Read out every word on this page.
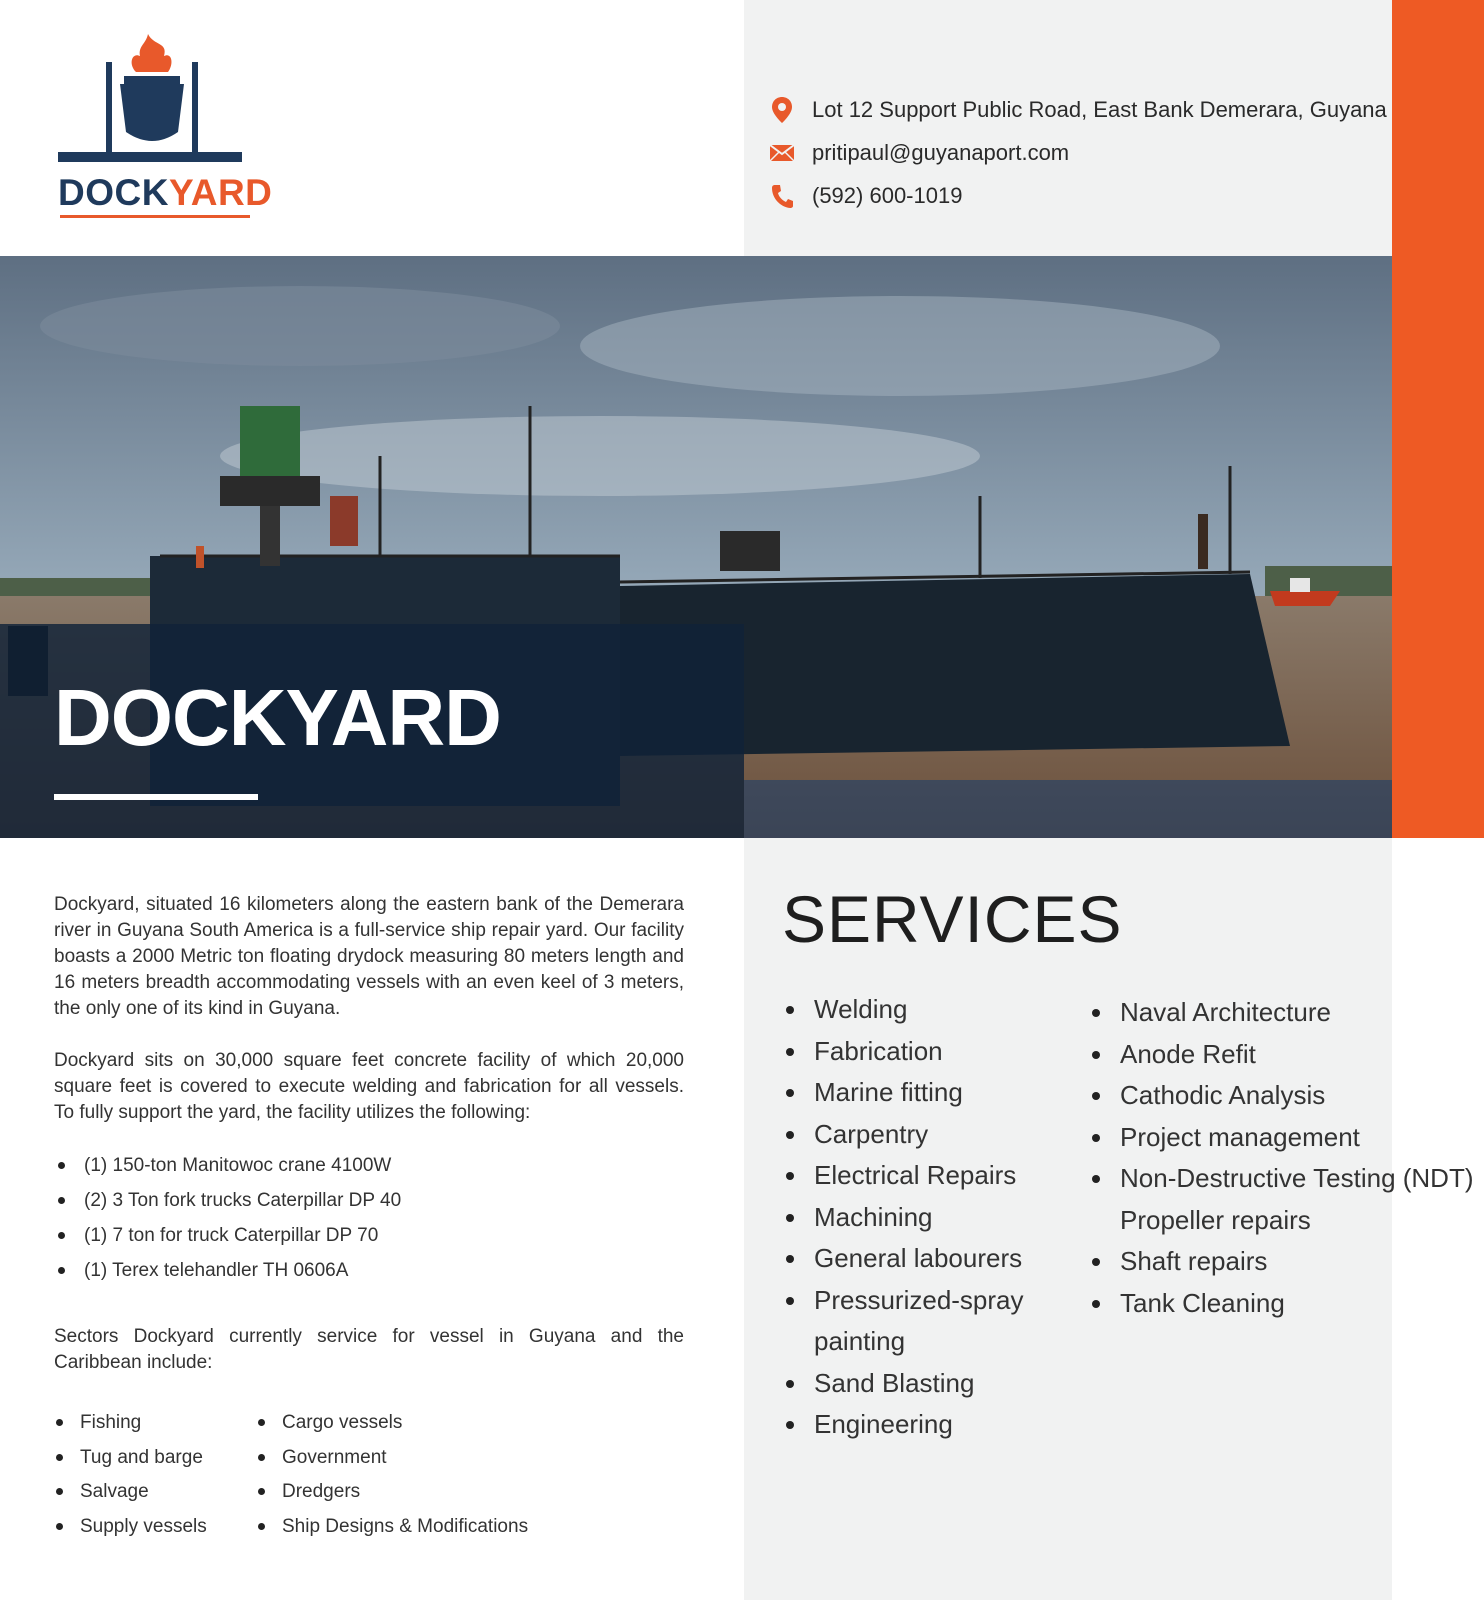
DOCKYARD
Lot 12 Support Public Road, East Bank Demerara, Guyana
pritipaul@guyanaport.com
(592) 600-1019
DOCKYARD

Dockyard, situated 16 kilometers along the eastern bank of the Demerara river in Guyana South America is a full-service ship repair yard. Our facility boasts a 2000 Metric ton floating drydock measuring 80 meters length and 16 meters breadth accommodating vessels with an even keel of 3 meters, the only one of its kind in Guyana.

Dockyard sits on 30,000 square feet concrete facility of which 20,000 square feet is covered to execute welding and fabrication for all vessels. To fully support the yard, the facility utilizes the following:

(1) 150-ton Manitowoc crane 4100W
(2) 3 Ton fork trucks Caterpillar DP 40
(1) 7 ton for truck Caterpillar DP 70
(1) Terex telehandler TH 0606A

Sectors Dockyard currently service for vessel in Guyana and the Caribbean include:

Fishing
Tug and barge
Salvage
Supply vessels
Cargo vessels
Government
Dredgers
Ship Designs & Modifications
SERVICES
Welding
Fabrication
Marine fitting
Carpentry
Electrical Repairs
Machining
General labourers
Pressurized-spray
painting
Sand Blasting
Engineering
Naval Architecture
Anode Refit
Cathodic Analysis
Project management
Non-Destructive Testing (NDT)
Propeller repairs
Shaft repairs
Tank Cleaning
